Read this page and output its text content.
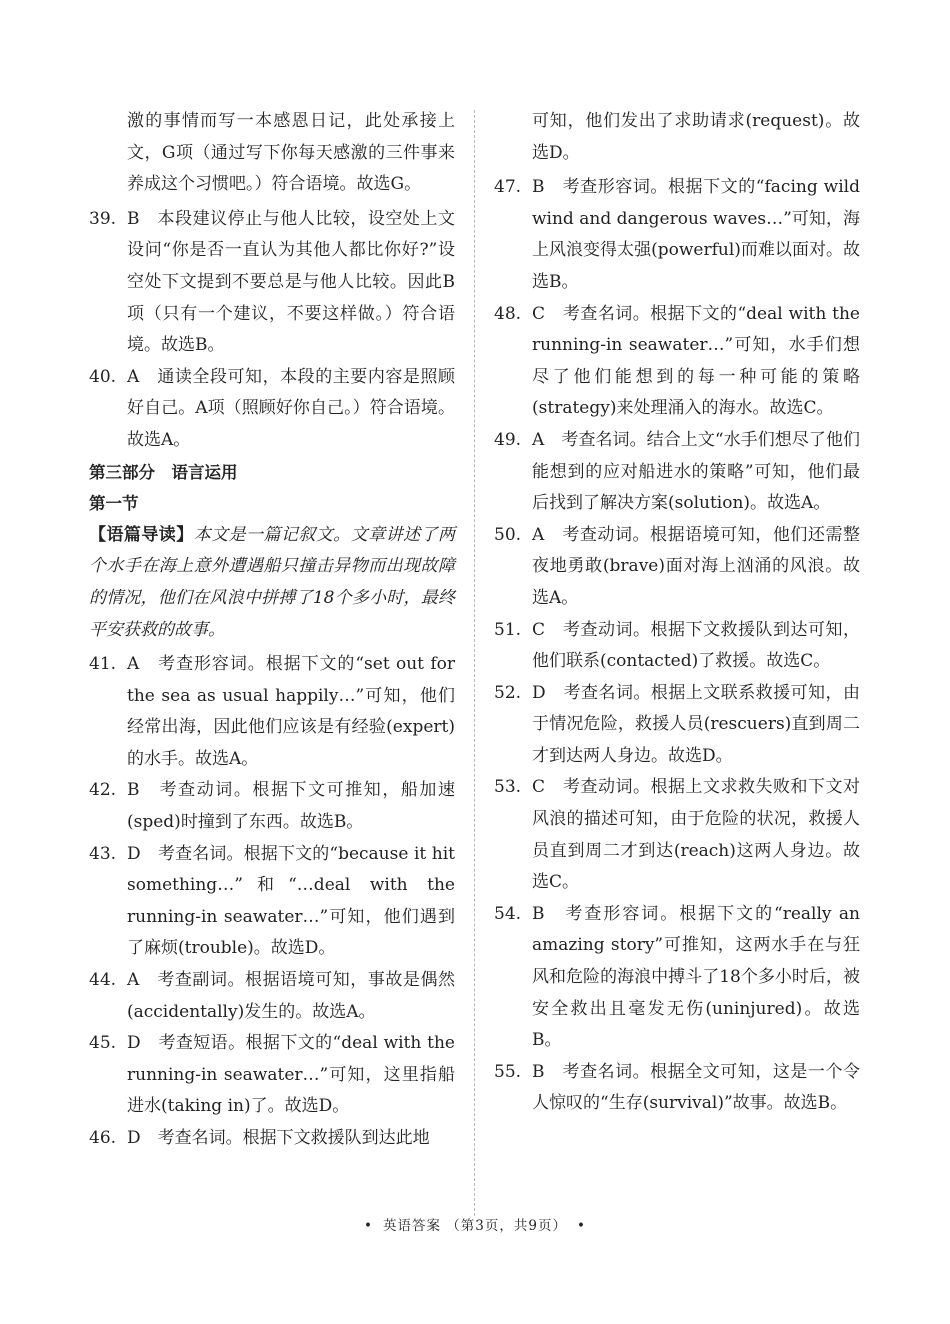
激的事情而写一本感恩日记，此处承接上文，G项（通过写下你每天感激的三件事来养成这个习惯吧。）符合语境。故选G。

39. B　本段建议停止与他人比较，设空处上文设问“你是否一直认为其他人都比你好?”设空处下文提到不要总是与他人比较。因此B项（只有一个建议，不要这样做。）符合语境。故选B。
40. A　通读全段可知，本段的主要内容是照顾好自己。A项（照顾好你自己。）符合语境。故选A。
第三部分　语言运用
第一节

【语篇导读】本文是一篇记叙文。文章讲述了两个水手在海上意外遭遇船只撞击异物而出现故障的情况，他们在风浪中拼搏了18个多小时，最终平安获救的故事。

41. A　考查形容词。根据下文的“set out for the sea as usual happily…”可知，他们经常出海，因此他们应该是有经验(expert)的水手。故选A。
42. B　考查动词。根据下文可推知，船加速(sped)时撞到了东西。故选B。
43. D　考查名词。根据下文的“because it hit something…”和“…deal with the running-in seawater…”可知，他们遇到了麻烦(trouble)。故选D。
44. A　考查副词。根据语境可知，事故是偶然(accidentally)发生的。故选A。
45. D　考查短语。根据下文的“deal with the running-in seawater…”可知，这里指船进水(taking in)了。故选D。
46. D　考查名词。根据下文救援队到达此地

可知，他们发出了求助请求(request)。故选D。

47. B　考查形容词。根据下文的“facing wild wind and dangerous waves…”可知，海上风浪变得太强(powerful)而难以面对。故选B。
48. C　考查名词。根据下文的“deal with the running-in seawater…”可知，水手们想尽了他们能想到的每一种可能的策略(strategy)来处理涌入的海水。故选C。
49. A　考查名词。结合上文“水手们想尽了他们能想到的应对船进水的策略”可知，他们最后找到了解决方案(solution)。故选A。
50. A　考查动词。根据语境可知，他们还需整夜地勇敢(brave)面对海上汹涌的风浪。故选A。
51. C　考查动词。根据下文救援队到达可知，他们联系(contacted)了救援。故选C。
52. D　考查名词。根据上文联系救援可知，由于情况危险，救援人员(rescuers)直到周二才到达两人身边。故选D。
53. C　考查动词。根据上文求救失败和下文对风浪的描述可知，由于危险的状况，救援人员直到周二才到达(reach)这两人身边。故选C。
54. B　考查形容词。根据下文的“really an amazing story”可推知，这两水手在与狂风和危险的海浪中搏斗了18个多小时后，被安全救出且毫发无伤(uninjured)。故选B。
55. B　考查名词。根据全文可知，这是一个令人惊叹的“生存(survival)”故事。故选B。
• 英语答案 （第3页，共9页） •
